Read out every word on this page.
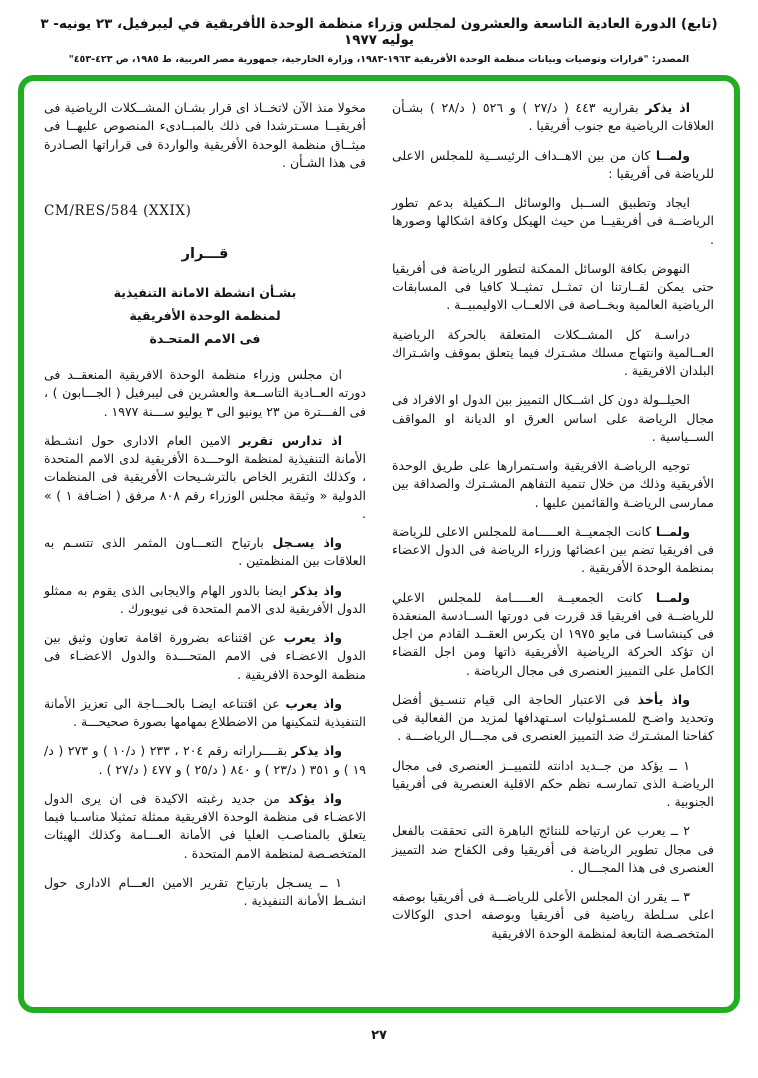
(تابع) الدورة العادية التاسعة والعشرون لمجلس وزراء منظمة الوحدة الأفريقية في ليبرفيل، ٢٣ يونيه- ٣ يوليه ١٩٧٧
المصدر: "قرارات وتوصيات وبيانات منظمة الوحدة الأفريقية ١٩٦٣-١٩٨٣، وزارة الخارجية، جمهورية مصر العربية، ط ١٩٨٥، ص ٤٢٣-٤٥٣"

اذ يذكربقراريه ٤٤٣ ( د/٢٧ ) و ٥٢٦ ( د/٢٨ ) بشـأن العلاقات الرياضية مع جنوب أفريقيا .

ولمــاكان من بين الاهــداف الرئيســية للمجلس الاعلى للرياضة فى أفريقيا :

ايجاد وتطبيق الســبل والوسائل الــكفيلة بدعم تطور الرياضــة فى أفريقيــا من حيث الهيكل وكافة اشكالها وصورها .

النهوض بكافة الوسائل الممكنة لتطور الرياضة فى أفريقيا حتى يمكن لقــارتنا ان تمثــل تمثيــلا كافيا فى المسابقات الرياضية العالمية وبخــاصة فى الالعــاب الاوليمبيــة .

دراسـة كل المشــكلات المتعلقة بالحركة الرياضية العــالمية وانتهاج مسلك مشـترك فيما يتعلق بموقف واشـتراك البلدان الافريقية .

الحيلــولة دون كل اشــكال التمييز بين الدول او الافراد فى مجال الرياضة على اساس العرق او الديانة او المواقف الســياسية .

توجيه الرياضـة الافريقية واسـتمرارها على طريق الوحدة الأفريقية وذلك من خلال تنمية التفاهم المشـترك والصداقة بين ممارسى الرياضـة والقائمين عليها .

ولمــاكانت الجمعيــة العـــــامة للمجلس الاعلى للرياضة فى افريقيا تضم بين اعضائها وزراء الرياضة فى الدول الاعضاء بمنظمة الوحدة الأفريقية .

ولمــاكانت الجمعيــة العـــــامة للمجلس الاعلي للرياضــة فى افريقيا قد قررت فى دورتها الســادسة المنعقدة فى كينشاسـا فى مايو ١٩٧٥ ان يكرس العقــد القادم من اجل ان تؤكد الحركة الرياضية الأفريقية ذاتها ومن اجل القضاء الكامل على التمييز العنصرى فى مجال الرياضة .

واذ يأخذفى الاعتبار الحاجة الى قيام تنسـيق أفضل وتحديد واضـح للمسـئوليات اسـتهدافها لمزيد من الفعالية فى كفاحنا المشـترك ضد التمييز العنصرى فى مجـــال الرياضـــة .

١ ــ يؤكد من جــديد ادانته للتمييــز العنصرى فى مجال الرياضـة الذى تمارسـه نظم حكم الاقلية العنصرية فى أفريقيا الجنوبية .

٢ ــ يعرب عن ارتياحه للنتائج الباهرة التى تحققت بالفعل فى مجال تطوير الرياضة فى أفريقيا وفى الكفاح ضد التمييز العنصرى فى هذا المجـــال .

٣ ــ يقرر ان المجلس الأعلى للرياضـــة فى أفريقيا بوصفه اعلى سـلطة رياضية فى أفريقيا وبوصفه احدى الوكالات المتخصـصة التابعة لمنظمة الوحدة الافريقية

مخولا منذ الآن لاتخــاذ اى قرار بشـان المشــكلات الرياضية فى أفريقيــا مسـترشدا فى ذلك بالمبــادىء المنصوص عليهــا فى ميثــاق منظمة الوحدة الأفريقية والواردة فى قراراتها الصـادرة فى هذا الشـأن .

CM/RES/584 (XXIX)
قـــرار
بشـأن انشطة الامانة التنفيذية
لمنظمة الوحدة الأفريقية
فى الامم المتحـدة

ان مجلس وزراء منظمة الوحدة الافريقية المنعقــد فى دورته العــادية التاســعة والعشرين فى ليبرفيل ( الجـــابون ) ، فى الفـــترة من ٢٣ يونيو الى ٣ يوليو ســـنة ١٩٧٧ .

اذ تدارس تقريرالامين العام الادارى حول انشـطة الأمانة التنفيذية لمنظمة الوحـــدة الأفريقية لدى الامم المتحدة ، وكذلك التقرير الخاص بالترشـيحات الأفريقية فى المنظمات الدولية « وثيقة مجلس الوزراء رقم ٨٠٨ مرفق ( اضـافة ١ ) » .

واذ يسـجلبارتياح التعـــاون المثمر الذى تتسـم به العلاقات بين المنظمتين .

واذ يذكرايضا بالدور الهام والايجابى الذى يقوم به ممثلو الدول الأفريقية لدى الامم المتحدة فى نيويورك .

واذ يعربعن اقتناعه بضرورة اقامة تعاون وثيق بين الدول الاعضـاء فى الامم المتحـــدة والدول الاعضـاء فى منظمة الوحدة الافريقية .

واذ يعربعن اقتناعه ايضـا بالحـــاجة الى تعزيز الأمانة التنفيذية لتمكينها من الاضطلاع بمهامها بصورة صحيحـــة .

واذ يذكربقــــراراته رقم ٢٠٤ ، ٢٣٣ ( د/١٠ ) و ٢٧٣ ( د/١٩ ) و ٣٥١ ( د/٢٣ ) و ٨٤٠ ( د/٢٥ ) و ٤٧٧ ( د/٢٧ ) .

واذ يؤكدمن جديد رغبته الاكيدة فى ان يرى الدول الاعضـاء فى منظمة الوحدة الافريقية ممثلة تمثيلا مناسـبا فيما يتعلق بالمناصـب العليا فى الأمانة العـــامة وكذلك الهيئات المتخصـصة لمنظمة الامم المتحدة .

١ ــ يسـجل بارتياح تقرير الامين العـــام الادارى حول انشـط الأمانة التنفيذية .

٢٧
